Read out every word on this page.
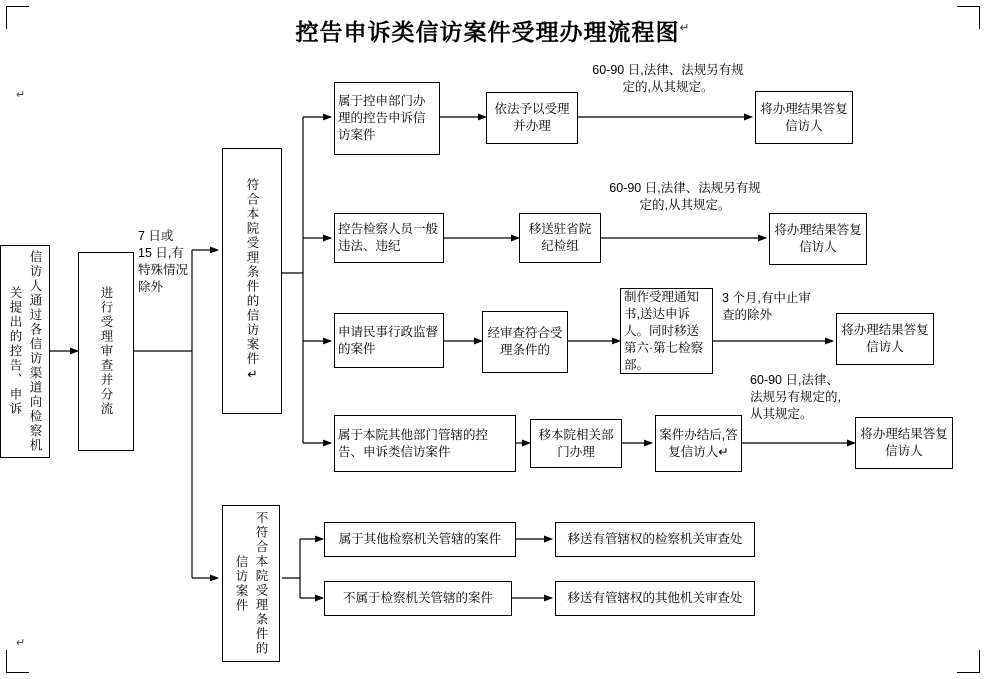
控告申诉类信访案件受理办理流程图↵
↵
↵
信访人通过各信访渠道向检察机关提出的控告、申诉	进行受理审查并分流
7 日或 15 日,有特殊情况除外	符合本院受理条件的信访案件↵
不符合本院受理条件的信访案件
属于控申部门办理的控告申诉信访案件
依法予以受理并办理
60-90 日,法律、法规另有规定的,从其规定。
将办理结果答复信访人
控告检察人员一般违法、违纪
移送驻省院纪检组
60-90 日,法律、法规另有规定的,从其规定。
将办理结果答复信访人
申请民事行政监督的案件
经审查符合受理条件的
制作受理通知书,送达申诉人。同时移送第六·第七检察部。
3 个月,有中止审查的除外
将办理结果答复信访人
属于本院其他部门管辖的控告、申诉类信访案件
移本院相关部门办理
案件办结后,答复信访人↵
60-90 日,法律、法规另有规定的,从其规定。
将办理结果答复信访人
属于其他检察机关管辖的案件	移送有管辖权的检察机关审查处
不属于检察机关管辖的案件	移送有管辖权的其他机关审查处
